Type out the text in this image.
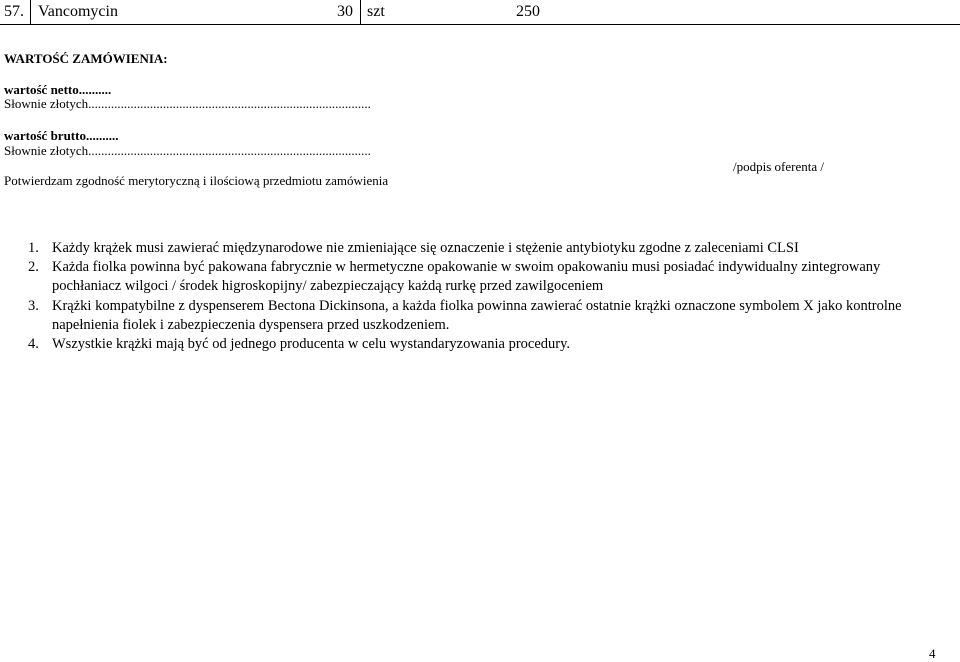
57. Vancomycin	30 szt	250
WARTOŚĆ ZAMÓWIENIA:
wartość netto..........
Słownie złotych.......................................................................................
wartość brutto..........
Słownie złotych.......................................................................................
/podpis oferenta /
Potwierdzam zgodność merytoryczną i ilościową przedmiotu zamówienia
1. Każdy krążek musi zawierać międzynarodowe nie zmieniające się oznaczenie i stężenie antybiotyku zgodne z zaleceniami CLSI
2. Każda fiolka powinna być pakowana fabrycznie w hermetyczne opakowanie w swoim opakowaniu musi posiadać indywidualny zintegrowany pochłaniacz wilgoci / środek higroskopijny/ zabezpieczający każdą rurkę przed zawilgoceniem
3. Krążki kompatybilne z dyspenserem Bectona Dickinsona, a każda fiolka powinna zawierać ostatnie krążki oznaczone symbolem X jako kontrolne napełnienia fiolek i zabezpieczenia dyspensera przed uszkodzeniem.
4. Wszystkie krążki mają być od jednego producenta w celu wystandaryzowania procedury.
4
